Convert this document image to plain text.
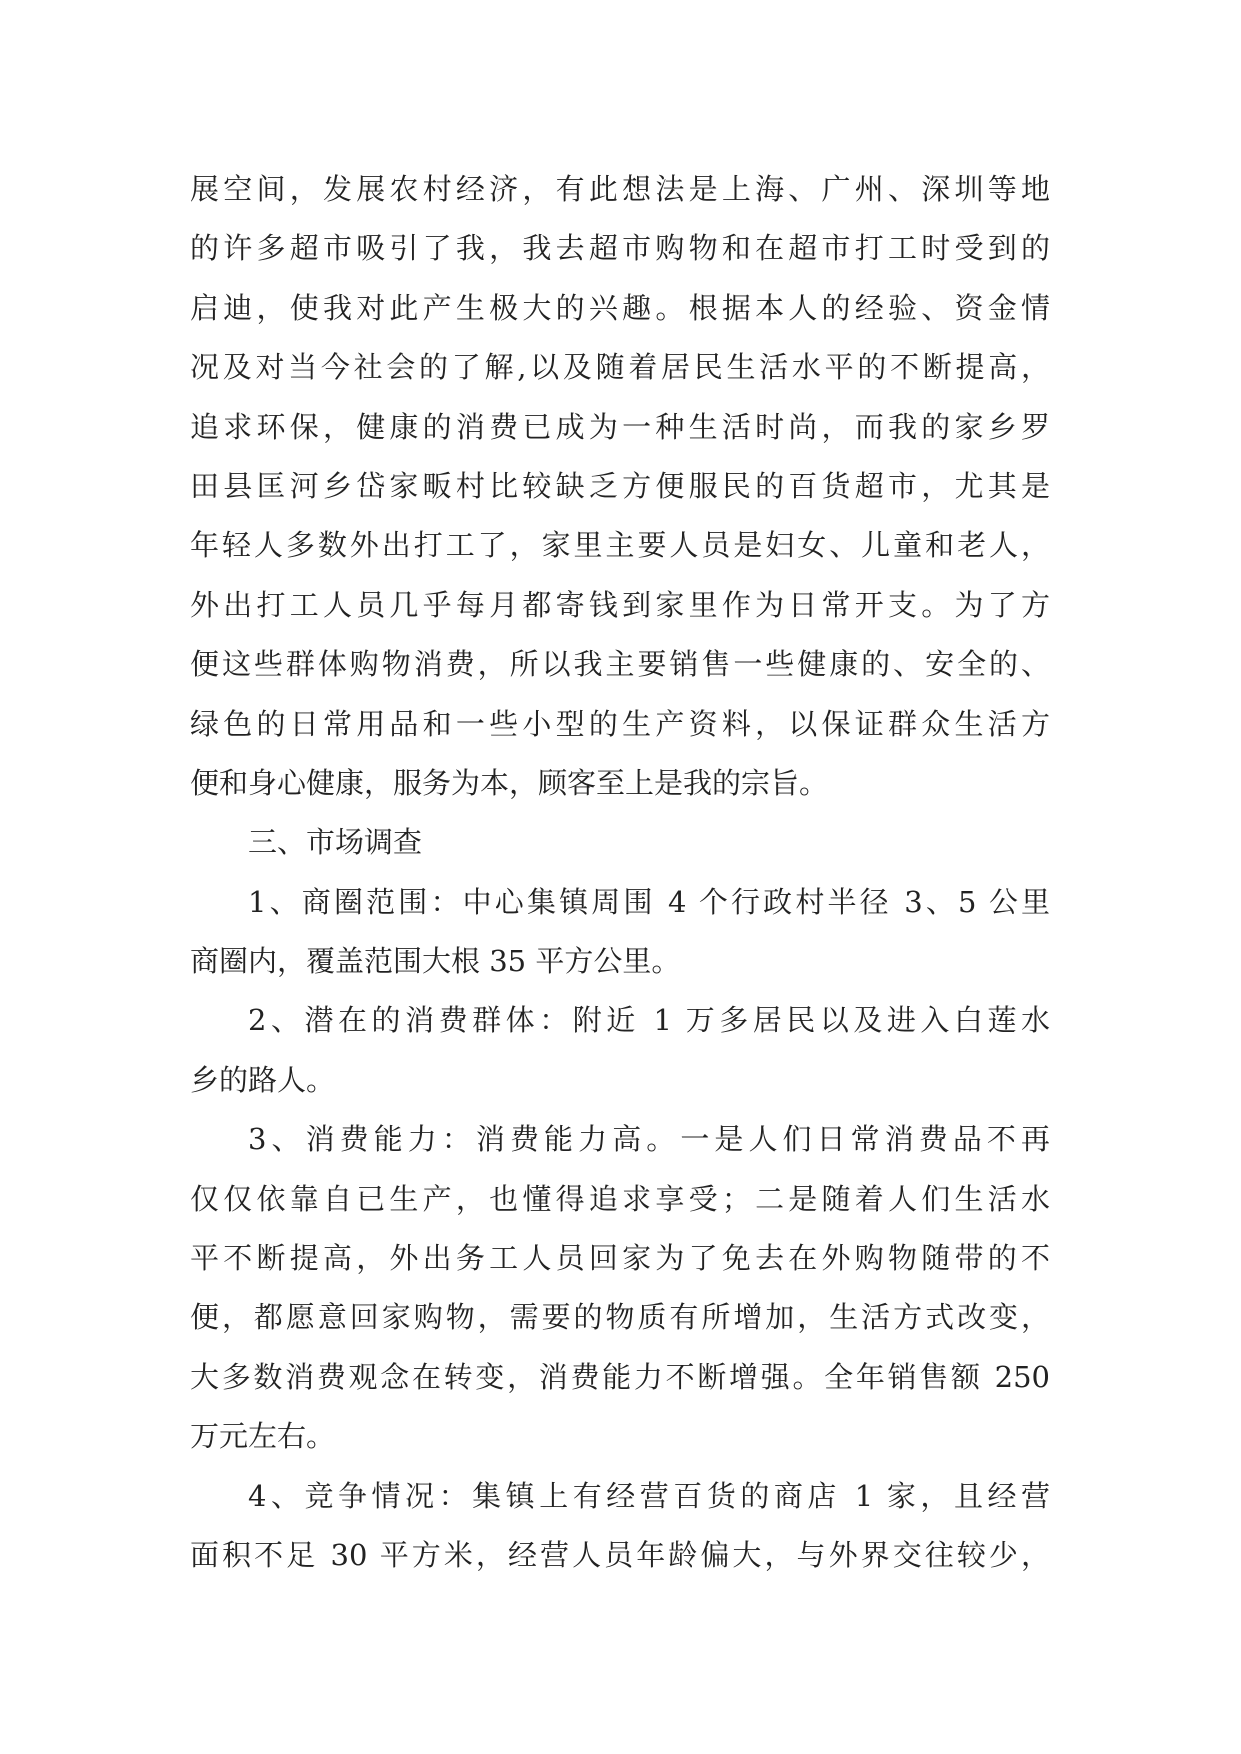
展空间，发展农村经济，有此想法是上海、广州、深圳等地
的许多超市吸引了我，我去超市购物和在超市打工时受到的
启迪，使我对此产生极大的兴趣。根据本人的经验、资金情
况及对当今社会的了解,以及随着居民生活水平的不断提高，
追求环保，健康的消费已成为一种生活时尚，而我的家乡罗
田县匡河乡岱家畈村比较缺乏方便服民的百货超市，尤其是
年轻人多数外出打工了，家里主要人员是妇女、儿童和老人，
外出打工人员几乎每月都寄钱到家里作为日常开支。为了方
便这些群体购物消费，所以我主要销售一些健康的、安全的、
绿色的日常用品和一些小型的生产资料，以保证群众生活方
便和身心健康，服务为本，顾客至上是我的宗旨。
三、市场调查
1、商圈范围：中心集镇周围 4 个行政村半径 3、5 公里
商圈内，覆盖范围大根 35 平方公里。
2、潜在的消费群体：附近 1 万多居民以及进入白莲水
乡的路人。
3、消费能力：消费能力高。一是人们日常消费品不再
仅仅依靠自已生产，也懂得追求享受；二是随着人们生活水
平不断提高，外出务工人员回家为了免去在外购物随带的不
便，都愿意回家购物，需要的物质有所增加，生活方式改变，
大多数消费观念在转变，消费能力不断增强。全年销售额 250
万元左右。
4、竞争情况：集镇上有经营百货的商店 1 家，且经营
面积不足 30 平方米，经营人员年龄偏大，与外界交往较少，
